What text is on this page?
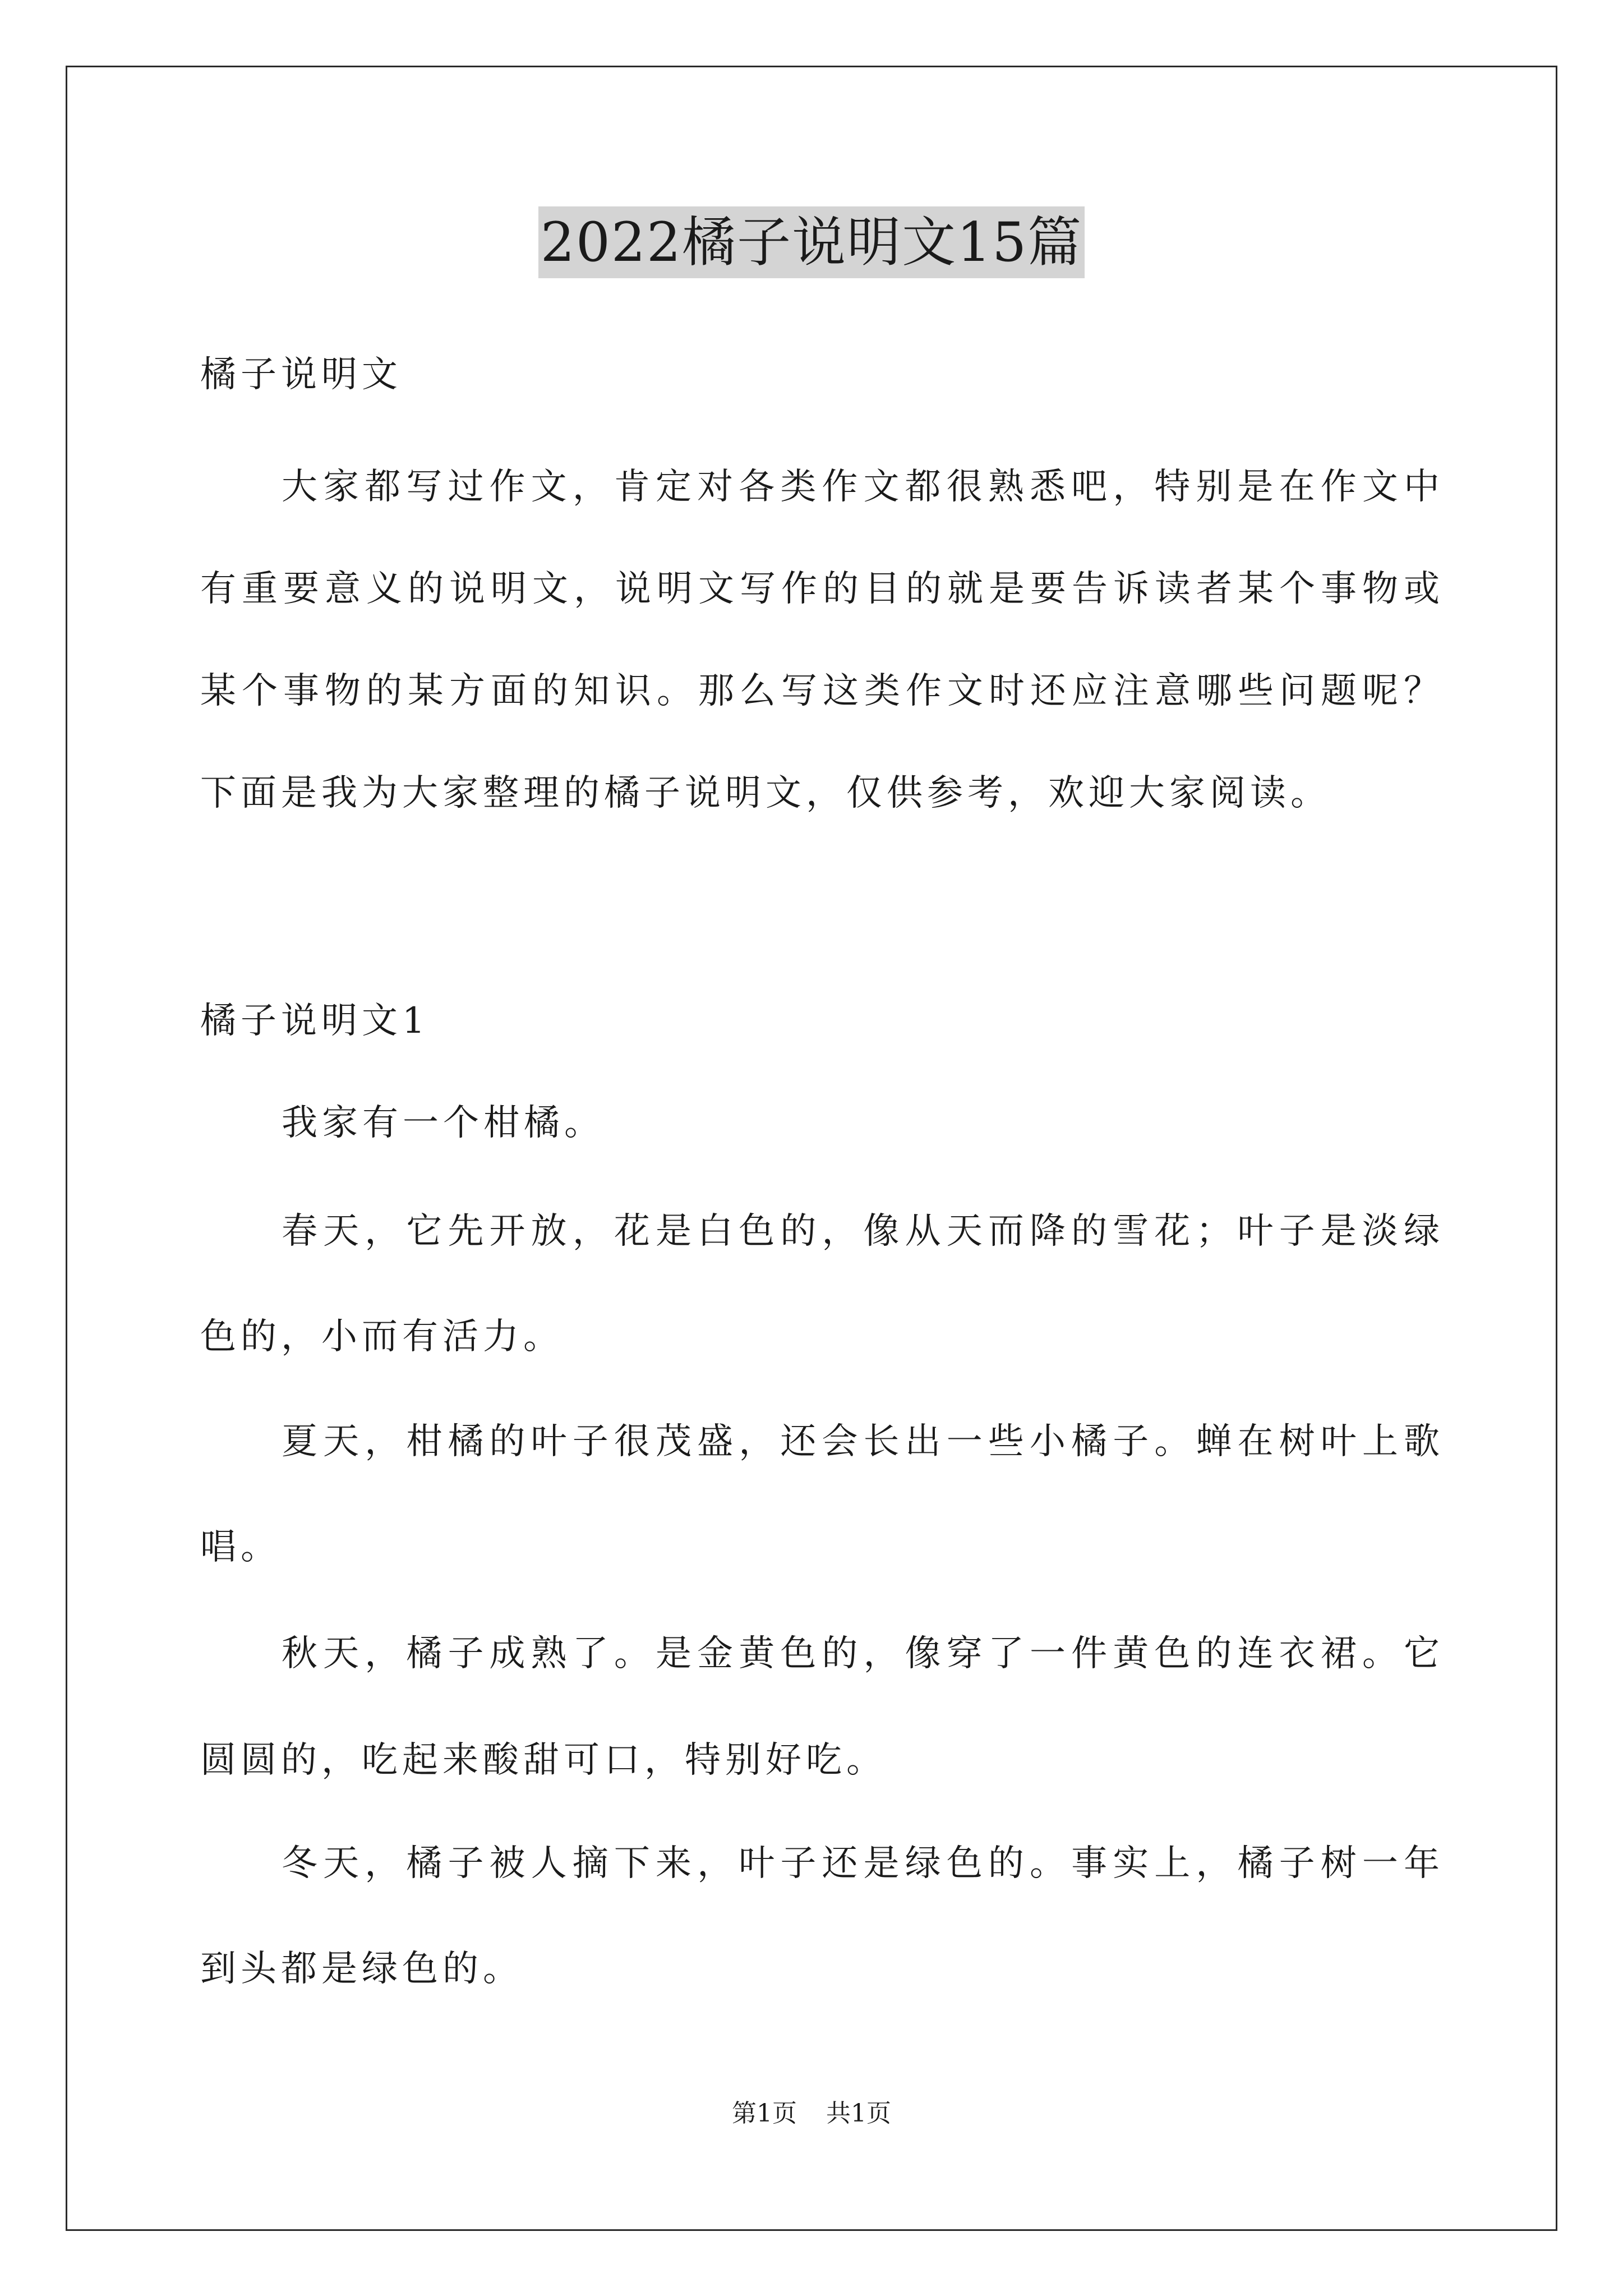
2022橘子说明文15篇
橘子说明文
大 家 都 写 过 作 文 ， 肯 定 对 各 类 作 文 都 很 熟 悉 吧 ， 特 别 是 在 作 文 中
有 重 要 意 义 的 说 明 文 ， 说 明 文 写 作 的 目 的 就 是 要 告 诉 读 者 某 个 事 物 或
某 个 事 物 的 某 方 面 的 知 识 。 那 么 写 这 类 作 文 时 还 应 注 意 哪 些 问 题 呢 ？
下面是我为大家整理的橘子说明文，仅供参考，欢迎大家阅读。
橘子说明文1
我家有一个柑橘。
春 天 ， 它 先 开 放 ， 花 是 白 色 的 ， 像 从 天 而 降 的 雪 花 ； 叶 子 是 淡 绿
色的，小而有活力。
夏 天 ， 柑 橘 的 叶 子 很 茂 盛 ， 还 会 长 出 一 些 小 橘 子 。 蝉 在 树 叶 上 歌
唱。
秋 天 ， 橘 子 成 熟 了 。 是 金 黄 色 的 ， 像 穿 了 一 件 黄 色 的 连 衣 裙 。 它
圆圆的，吃起来酸甜可口，特别好吃。
冬 天 ， 橘 子 被 人 摘 下 来 ， 叶 子 还 是 绿 色 的 。 事 实 上 ， 橘 子 树 一 年
到头都是绿色的。
第1页 共1页
